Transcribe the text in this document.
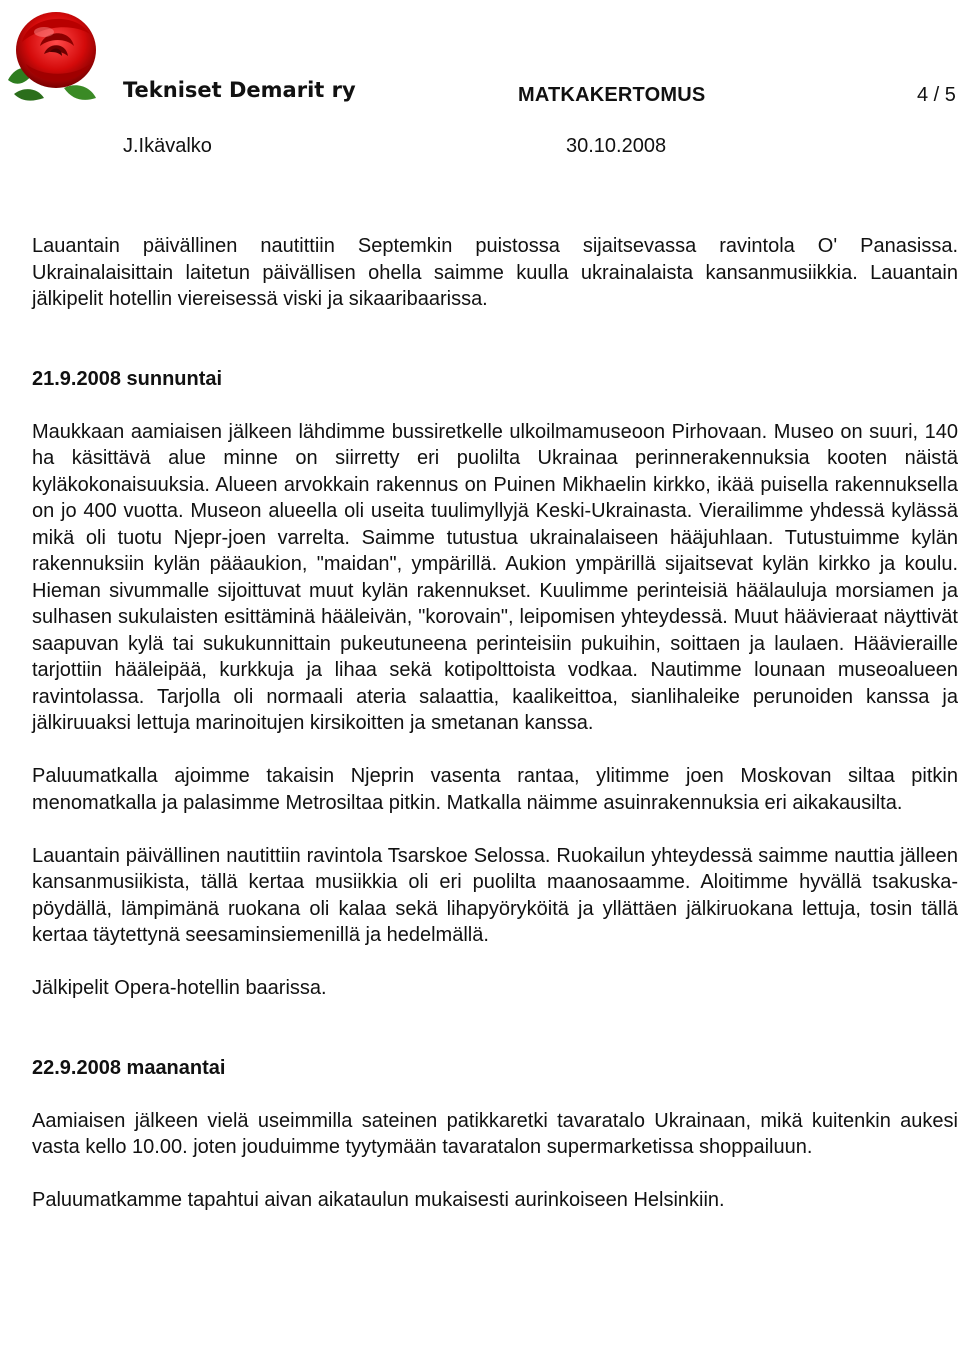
Tekniset Demarit ry	MATKAKERTOMUS	4 / 5
J.Ikävalko	30.10.2008

Lauantain päivällinen nautittiin Septemkin puistossa sijaitsevassa ravintola O' Panasissa. Ukrainalaisittain laitetun päivällisen ohella saimme kuulla ukrainalaista kansanmusiikkia. Lauantain jälkipelit hotellin viereisessä viski ja sikaaribaarissa.

21.9.2008 sunnuntai

Maukkaan aamiaisen jälkeen lähdimme bussiretkelle ulkoilmamuseoon Pirhovaan. Museo on suuri, 140 ha käsittävä alue minne on siirretty eri puolilta Ukrainaa perinnerakennuksia kooten näistä kyläkokonaisuuksia. Alueen arvokkain rakennus on Puinen Mikhaelin kirkko, ikää puisella rakennuksella on jo 400 vuotta. Museon alueella oli useita tuulimyllyjä Keski-Ukrainasta. Vierailimme yhdessä kylässä mikä oli tuotu Njepr-joen varrelta. Saimme tutustua ukrainalaiseen hääjuhlaan. Tutustuimme kylän rakennuksiin kylän pääaukion, "maidan", ympärillä. Aukion ympärillä sijaitsevat kylän kirkko ja koulu. Hieman sivummalle sijoittuvat muut kylän rakennukset. Kuulimme perinteisiä häälauluja morsiamen ja sulhasen sukulaisten esittäminä hääleivän, "korovain", leipomisen yhteydessä. Muut häävieraat näyttivät saapuvan kylä tai sukukunnittain pukeutuneena perinteisiin pukuihin, soittaen ja laulaen. Häävieraille tarjottiin hääleipää, kurkkuja ja lihaa sekä kotipolttoista vodkaa. Nautimme lounaan museoalueen ravintolassa. Tarjolla oli normaali ateria salaattia, kaalikeittoa, sianlihaleike perunoiden kanssa ja jälkiruuaksi lettuja marinoitujen kirsikoitten ja smetanan kanssa.

Paluumatkalla ajoimme takaisin Njeprin vasenta rantaa, ylitimme joen Moskovan siltaa pitkin menomatkalla ja palasimme Metrosiltaa pitkin. Matkalla näimme asuinrakennuksia eri aikakausilta.

Lauantain päivällinen nautittiin ravintola Tsarskoe Selossa. Ruokailun yhteydessä saimme nauttia jälleen kansanmusiikista, tällä kertaa musiikkia oli eri puolilta maanosaamme. Aloitimme hyvällä tsakuska-pöydällä, lämpimänä ruokana oli kalaa sekä lihapyöryköitä ja yllättäen jälkiruokana lettuja, tosin tällä kertaa täytettynä seesaminsiemenillä ja hedelmällä.

Jälkipelit Opera-hotellin baarissa.

22.9.2008 maanantai

Aamiaisen jälkeen vielä useimmilla sateinen patikkaretki tavaratalo Ukrainaan, mikä kuitenkin aukesi vasta kello 10.00. joten jouduimme tyytymään tavaratalon supermarketissa shoppailuun.

Paluumatkamme tapahtui aivan aikataulun mukaisesti aurinkoiseen Helsinkiin.
